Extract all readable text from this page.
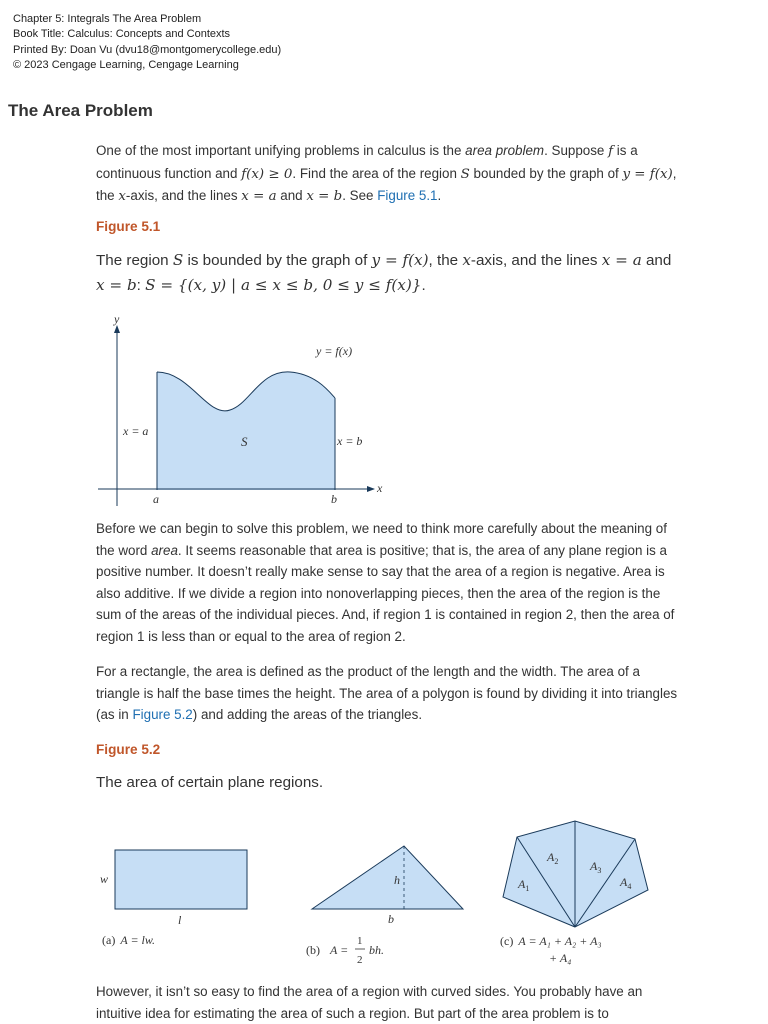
Chapter 5: Integrals The Area Problem
Book Title: Calculus: Concepts and Contexts
Printed By: Doan Vu (dvu18@montgomerycollege.edu)
© 2023 Cengage Learning, Cengage Learning
The Area Problem

One of the most important unifying problems in calculus is the area problem. Suppose f is a continuous function and f(x) ≥ 0. Find the area of the region S bounded by the graph of y = f(x), the x-axis, and the lines x = a and x = b. See Figure 5.1.

Figure 5.1

The region S is bounded by the graph of y = f(x), the x-axis, and the lines x = a and x = b: S = {(x, y) | a ≤ x ≤ b, 0 ≤ y ≤ f(x)}.

y
x
y = f(x)
x = a
x = b
S
a	b

Before we can begin to solve this problem, we need to think more carefully about the meaning of the word area. It seems reasonable that area is positive; that is, the area of any plane region is a positive number. It doesn’t really make sense to say that the area of a region is negative. Area is also additive. If we divide a region into nonoverlapping pieces, then the area of the region is the sum of the areas of the individual pieces. And, if region 1 is contained in region 2, then the area of region 1 is less than or equal to the area of region 2.

For a rectangle, the area is defined as the product of the length and the width. The area of a triangle is half the base times the height. The area of a polygon is found by dividing it into triangles (as in Figure 5.2) and adding the areas of the triangles.

Figure 5.2

The area of certain plane regions.

w
l
(a) A = lw.
h
b
(b) A =
1
2
bh.
$A_1$
$A_2$	$A_3$
$A_4$
(c) A = A₁ + A₂ + A₃
+ A₄

However, it isn’t so easy to find the area of a region with curved sides. You probably have an intuitive idea for estimating the area of such a region. But part of the area problem is to
